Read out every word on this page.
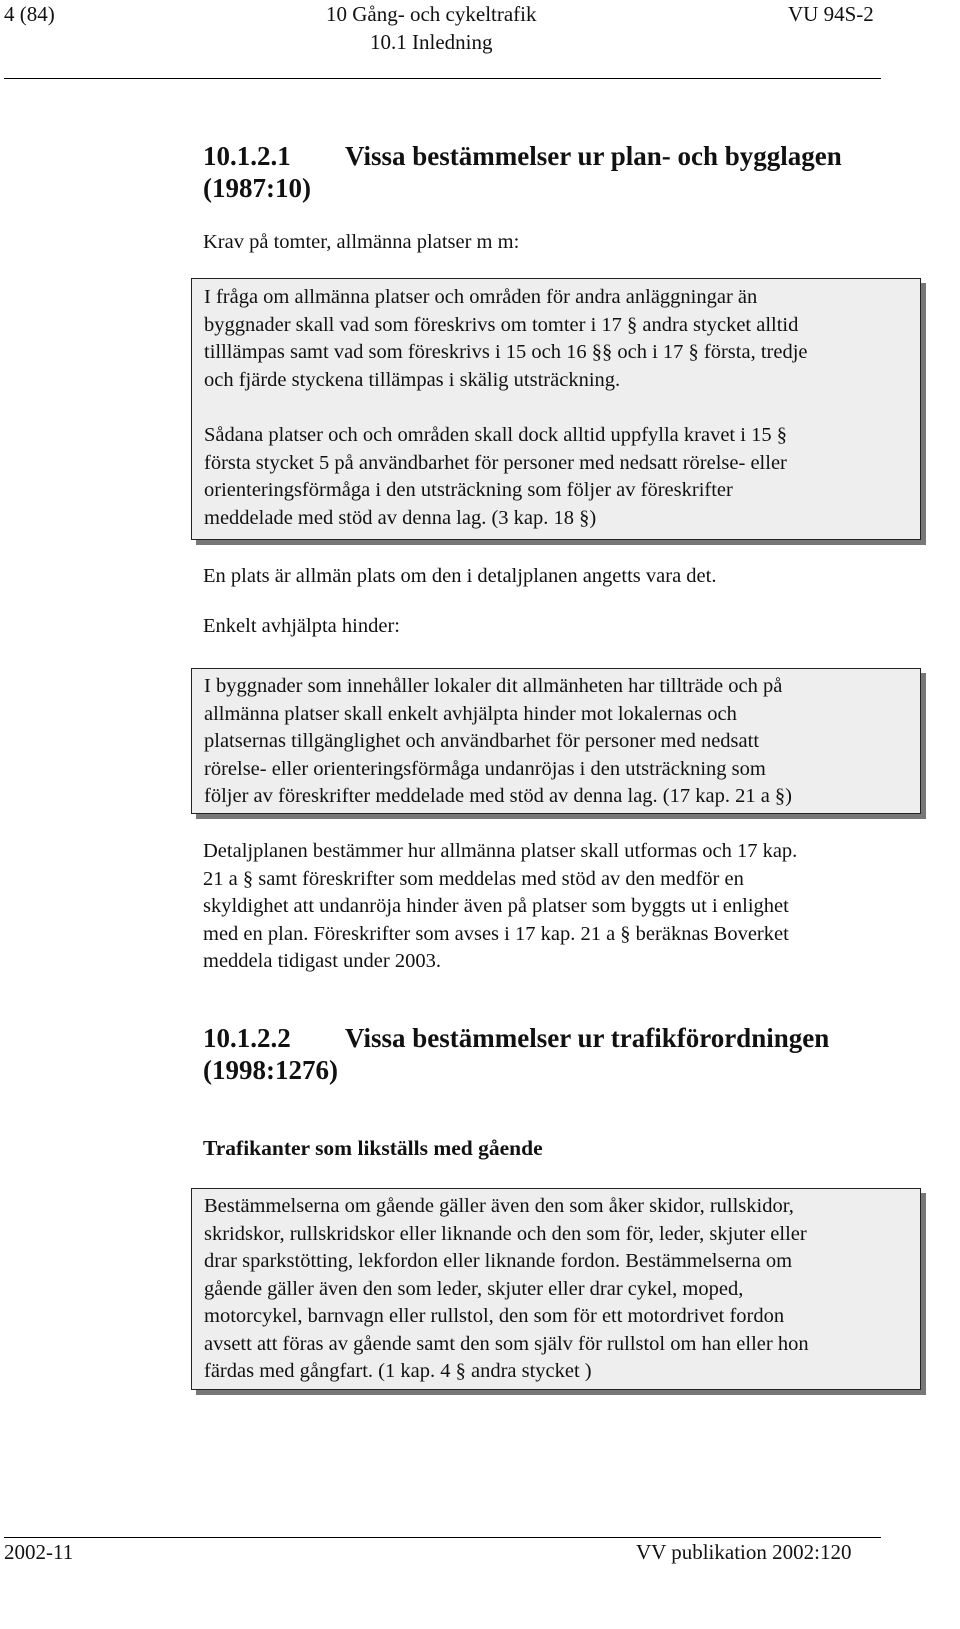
4 (84)	10 Gång- och cykeltrafik
10.1 Inledning
VU 94S-2
10.1.2.1 Vissa bestämmelser ur plan- och bygglagen
(1987:10)
Krav på tomter, allmänna platser m m:
I fråga om allmänna platser och områden för andra anläggningar än
byggnader skall vad som föreskrivs om tomter i 17 § andra stycket alltid
tilllämpas samt vad som föreskrivs i 15 och 16 §§ och i 17 § första, tredje
och fjärde styckena tillämpas i skälig utsträckning.
Sådana platser och och områden skall dock alltid uppfylla kravet i 15 §
första stycket 5 på användbarhet för personer med nedsatt rörelse- eller
orienteringsförmåga i den utsträckning som följer av föreskrifter
meddelade med stöd av denna lag. (3 kap. 18 §)
En plats är allmän plats om den i detaljplanen angetts vara det.
Enkelt avhjälpta hinder:
I byggnader som innehåller lokaler dit allmänheten har tillträde och på
allmänna platser skall enkelt avhjälpta hinder mot lokalernas och
platsernas tillgänglighet och användbarhet för personer med nedsatt
rörelse- eller orienteringsförmåga undanröjas i den utsträckning som
följer av föreskrifter meddelade med stöd av denna lag. (17 kap. 21 a §)
Detaljplanen bestämmer hur allmänna platser skall utformas och 17 kap.
21 a § samt föreskrifter som meddelas med stöd av den medför en
skyldighet att undanröja hinder även på platser som byggts ut i enlighet
med en plan. Föreskrifter som avses i 17 kap. 21 a § beräknas Boverket
meddela tidigast under 2003.
10.1.2.2 Vissa bestämmelser ur trafikförordningen
(1998:1276)
Trafikanter som likställs med gående
Bestämmelserna om gående gäller även den som åker skidor, rullskidor,
skridskor, rullskridskor eller liknande och den som för, leder, skjuter eller
drar sparkstötting, lekfordon eller liknande fordon. Bestämmelserna om
gående gäller även den som leder, skjuter eller drar cykel, moped,
motorcykel, barnvagn eller rullstol, den som för ett motordrivet fordon
avsett att föras av gående samt den som själv för rullstol om han eller hon
färdas med gångfart. (1 kap. 4 § andra stycket )
2002-11	VV publikation 2002:120
